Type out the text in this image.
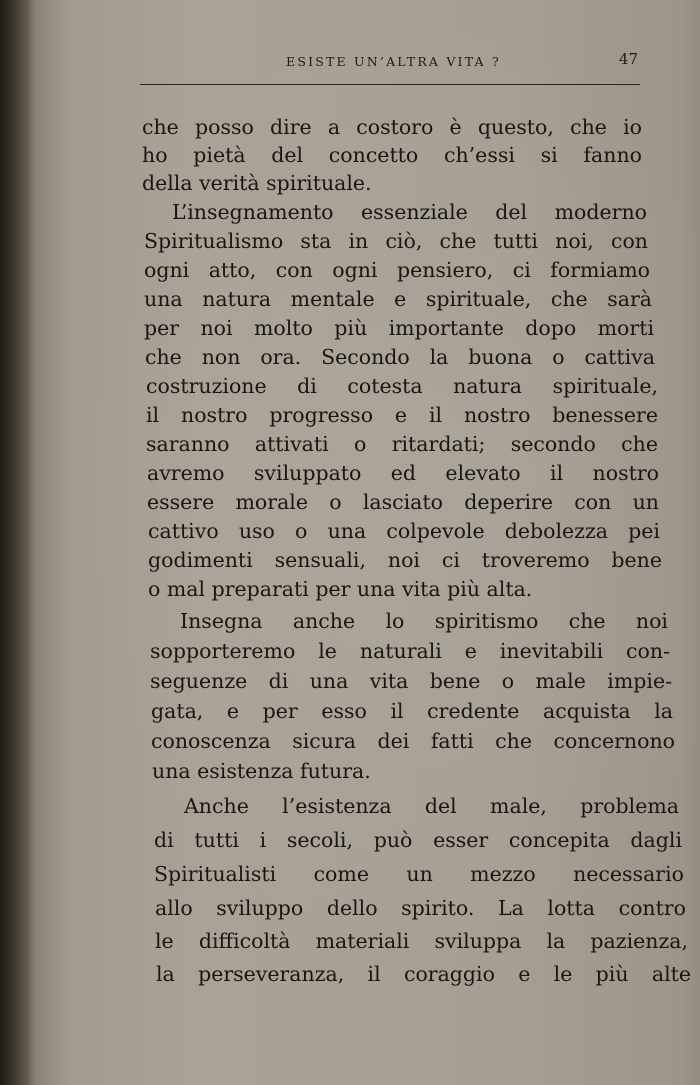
ESISTE UN’ALTRA VITA ?	47
che posso dire a costoro è questo, che io
ho pietà del concetto ch’essi si fanno
della verità spirituale.
L’insegnamento essenziale del moderno
Spiritualismo sta in ciò, che tutti noi, con
ogni atto, con ogni pensiero, ci formiamo
una natura mentale e spirituale, che sarà
per noi molto più importante dopo morti
che non ora. Secondo la buona o cattiva
costruzione di cotesta natura spirituale,
il nostro progresso e il nostro benessere
saranno attivati o ritardati; secondo che
avremo sviluppato ed elevato il nostro
essere morale o lasciato deperire con un
cattivo uso o una colpevole debolezza pei
godimenti sensuali, noi ci troveremo bene
o mal preparati per una vita più alta.
Insegna anche lo spiritismo che noi
sopporteremo le naturali e inevitabili con-
seguenze di una vita bene o male impie-
gata, e per esso il credente acquista la
conoscenza sicura dei fatti che concernono
una esistenza futura.
Anche l’esistenza del male, problema
di tutti i secoli, può esser concepita dagli
Spiritualisti come un mezzo necessario
allo sviluppo dello spirito. La lotta contro
le difficoltà materiali sviluppa la pazienza,
la perseveranza, il coraggio e le più alte
